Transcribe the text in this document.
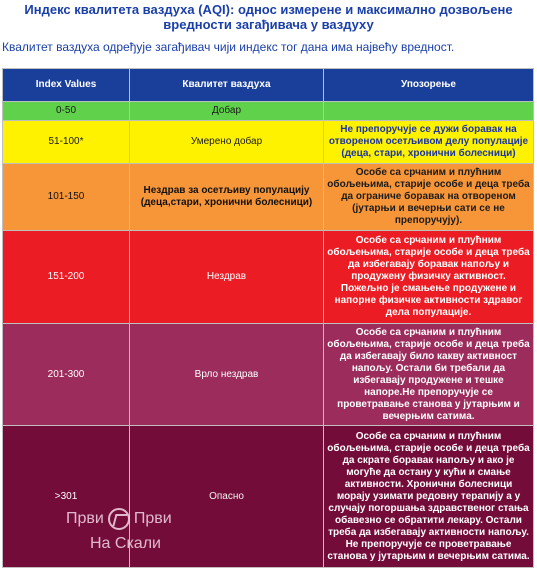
Индекс квалитета ваздуха (AQI): однос измерене и максимално дозвољене вредности загађивача у ваздуху
Квалитет ваздуха одређује загађивач чији индекс тог дана има највећу вредност.
Index Values	Квалитет ваздуха	Упозорење
0-50	Добар	
51-100*	Умерено добар	Не препоручује се дужи боравак на отвореном осетљивом делу популације (деца, стари, хронични болесници)
101-150	Нездрав за осетљиву популацију (деца,стари, хронични болесници)	Особе са срчаним и плућним обољењима, старије особе и деца треба да ограниче боравак на отвореном (јутарњи и вечерњи сати се не препоручују).
151-200	Нездрав	Особе са срчаним и плућним обољењима, старије особе и деца треба да избегавају боравак напољу и продужену физичку активност. Пожељно је смањење продужене и напорне физичке активности здравог дела популације.
201-300	Врло нездрав	Особе са срчаним и плућним обољењима, старије особе и деца треба да избегавају било какву активност напољу. Остали би требали да избегавају продужене и тешке напоре.Не препоручује се проветравање станова у јутарњим и вечерњим сатима.
>301	Опасно	Особе са срчаним и плућним обољењима, старије особе и деца треба да скрате боравак напољу и ако је могуће да остану у кући и смање активности. Хронични болесници морају узимати редовну терапију а у случају погоршања здравственог стања обавезно се обратити лекару. Остали треба да избегавају активности напољу. Не препоручује се проветравање станова у јутарњим и вечерњим сатима.
Први Први
На Скали
